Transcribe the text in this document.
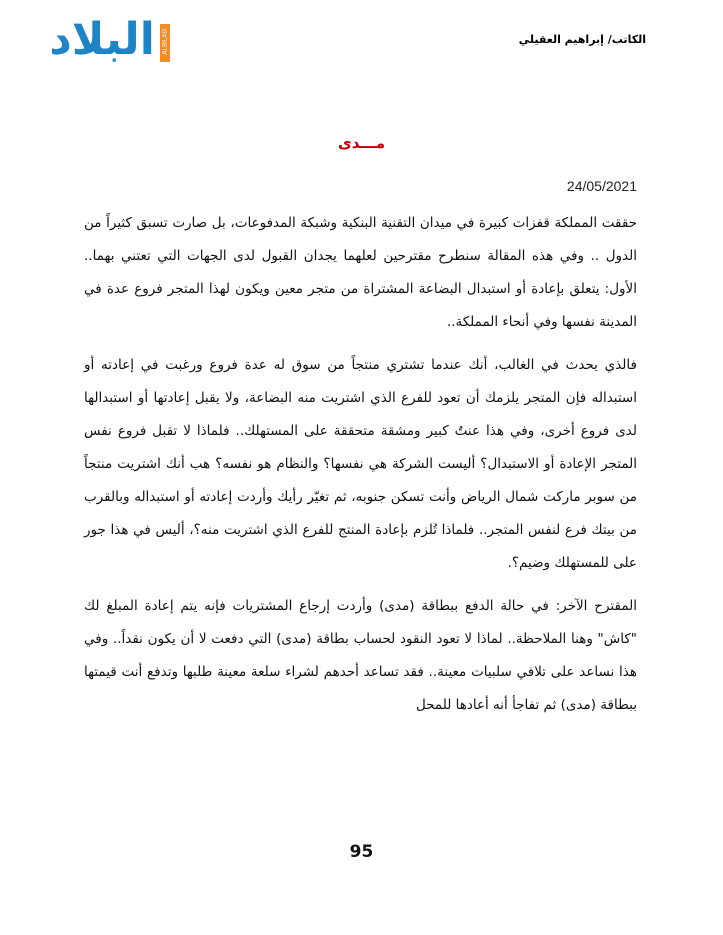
البلاد ALBILAD.	الكاتب/ إبراهيم العقيلي
مـــدى
24/05/2021

حققت المملكة قفزات كبيرة في ميدان التقنية البنكية وشبكة المدفوعات، بل صارت تسبق كثيراً من الدول .. وفي هذه المقالة سنطرح مقترحين لعلهما يجدان القبول لدى الجهات التي تعتني بهما.. الأول: يتعلق بإعادة أو استبدال البضاعة المشتراة من متجر معين ويكون لهذا المتجر فروع عدة في المدينة نفسها وفي أنحاء المملكة..

فالذي يحدث في الغالب، أنك عندما تشتري منتجاً من سوق له عدة فروع ورغبت في إعادته أو استبداله فإن المتجر يلزمك أن تعود للفرع الذي اشتريت منه البضاعة، ولا يقبل إعادتها أو استبدالها لدى فروع أخرى، وفي هذا عنتٌ كبير ومشقة متحققة على المستهلك.. فلماذا لا تقبل فروع نفس المتجر الإعادة أو الاستبدال؟ أليست الشركة هي نفسها؟ والنظام هو نفسه؟ هب أنك اشتريت منتجاً من سوبر ماركت شمال الرياض وأنت تسكن جنوبه، ثم تغيّر رأيك وأردت إعادته أو استبداله وبالقرب من بيتك فرع لنفس المتجر.. فلماذا تُلزم بإعادة المنتج للفرع الذي اشتريت منه؟، أليس في هذا جور على للمستهلك وضيم؟.

المقترح الآخر: في حالة الدفع ببطاقة (مدى) وأردت إرجاع المشتريات فإنه يتم إعادة المبلغ لك "كاش" وهنا الملاحظة.. لماذا لا تعود النقود لحساب بطاقة (مدى) التي دفعت لا أن يكون نقداً.. وفي هذا نساعد على تلافي سلبيات معينة.. فقد تساعد أحدهم لشراء سلعة معينة طلبها وتدفع أنت قيمتها ببطاقة (مدى) ثم تفاجأ أنه أعادها للمحل

95
